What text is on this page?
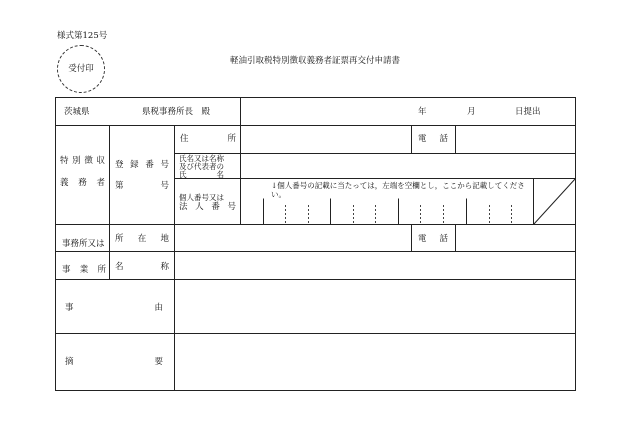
様式第125号
受付印
軽油引取税特別徴収義務者証票再交付申請書
茨城県	県税事務所長　殿	年	月	日提出
特 別 徴 収
義 務 者
登 録 番 号
第	号
住	所	電 話
氏名又は名称
及び代表者の
氏　　　　名
個人番号又は
法 人 番 号
↓個人番号の記載に当たっては，左端を空欄とし，ここから記載してください。
事務所又は
事 業 所
所 在 地	電 話
名	称
事	由
摘	要
